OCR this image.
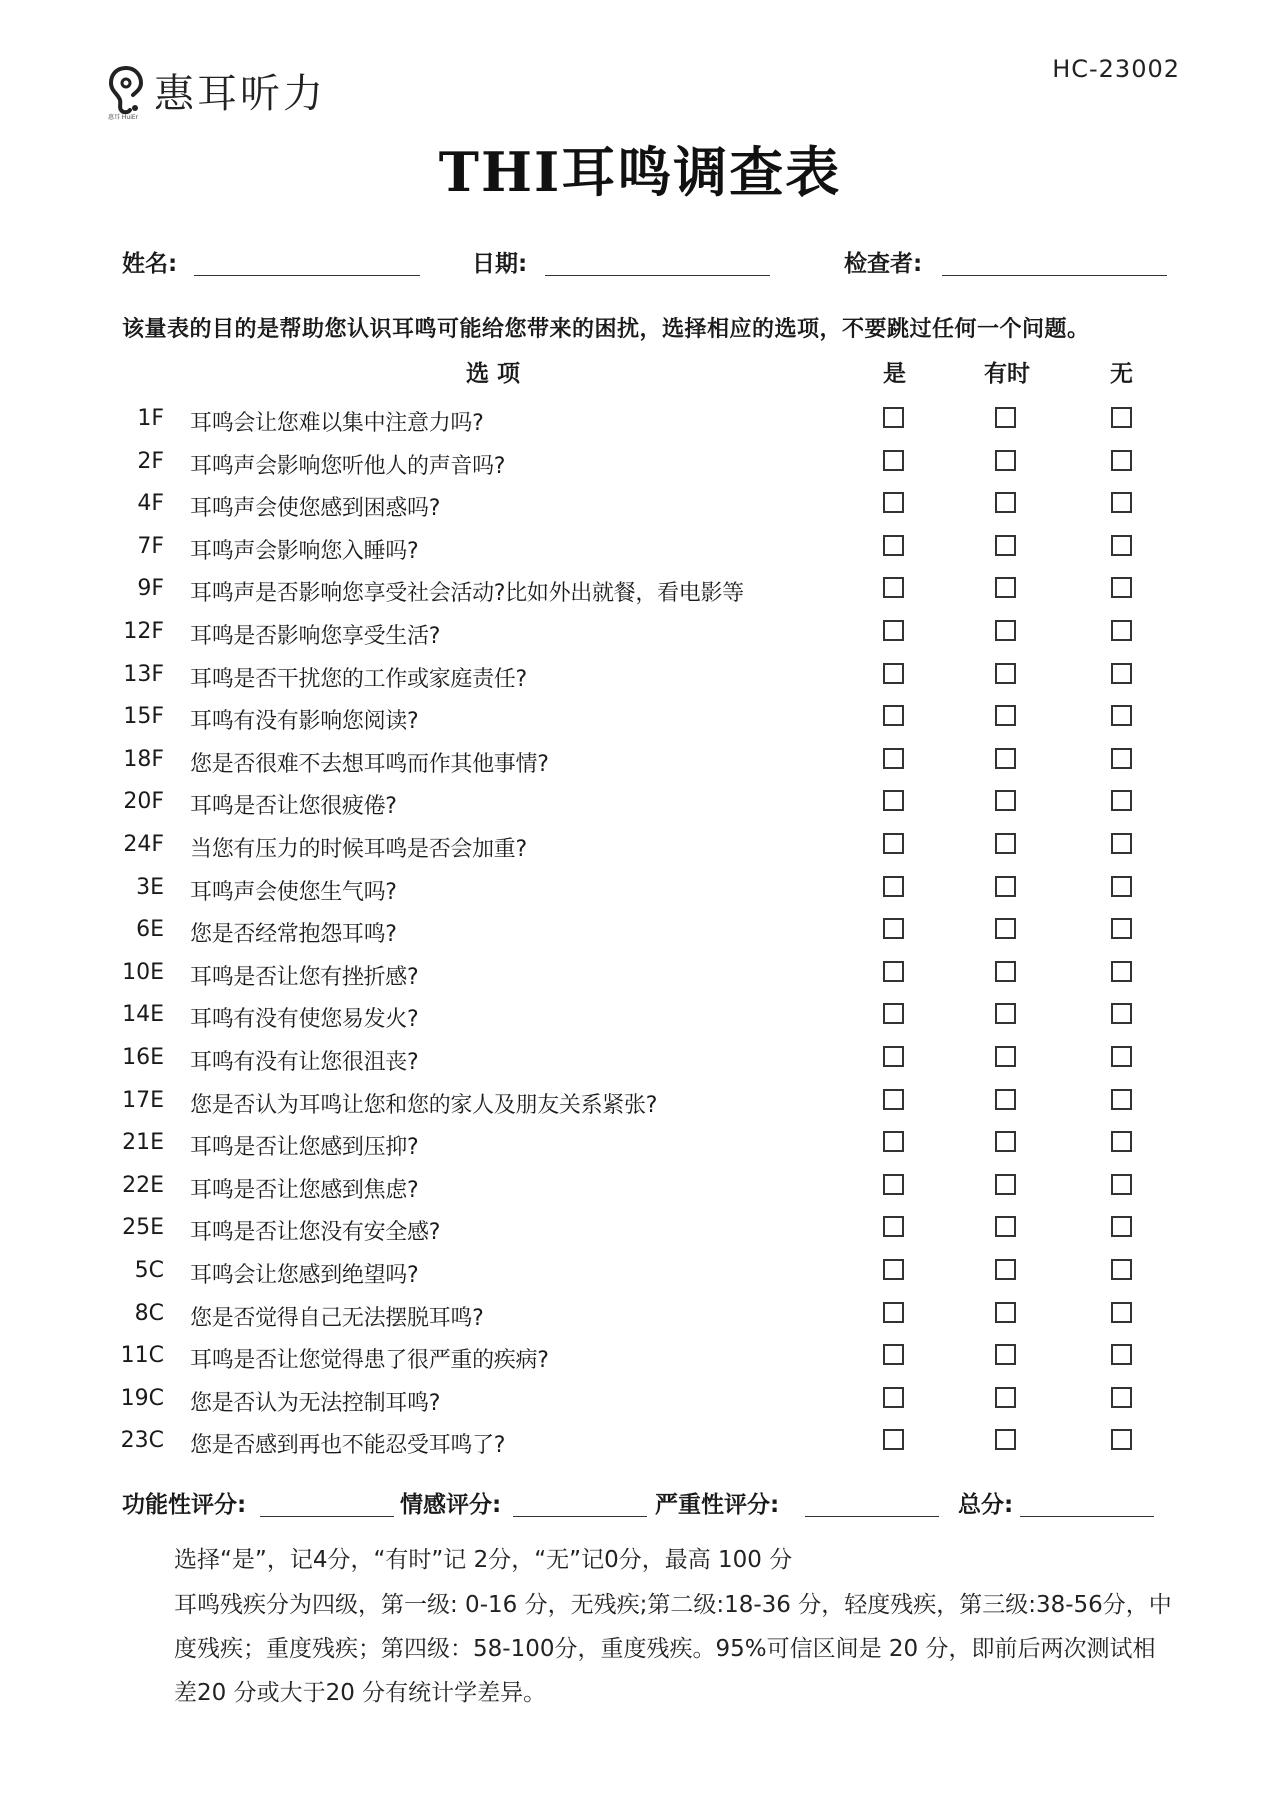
惠耳 HuiEr
惠耳听力
HC-23002
THI耳鸣调查表
姓名:	日期:	检查者:
该量表的目的是帮助您认识耳鸣可能给您带来的困扰，选择相应的选项，不要跳过任何一个问题。
选 项	是	有时	无
1F 耳鸣会让您难以集中注意力吗?
2F 耳鸣声会影响您听他人的声音吗?
4F 耳鸣声会使您感到困惑吗?
7F 耳鸣声会影响您入睡吗?
9F 耳鸣声是否影响您享受社会活动?比如外出就餐，看电影等
12F 耳鸣是否影响您享受生活?
13F 耳鸣是否干扰您的工作或家庭责任?
15F 耳鸣有没有影响您阅读?
18F 您是否很难不去想耳鸣而作其他事情?
20F 耳鸣是否让您很疲倦?
24F 当您有压力的时候耳鸣是否会加重?
3E 耳鸣声会使您生气吗?
6E 您是否经常抱怨耳鸣?
10E 耳鸣是否让您有挫折感?
14E 耳鸣有没有使您易发火?
16E 耳鸣有没有让您很沮丧?
17E 您是否认为耳鸣让您和您的家人及朋友关系紧张?
21E 耳鸣是否让您感到压抑?
22E 耳鸣是否让您感到焦虑?
25E 耳鸣是否让您没有安全感?
5C 耳鸣会让您感到绝望吗?
8C 您是否觉得自己无法摆脱耳鸣?
11C 耳鸣是否让您觉得患了很严重的疾病?
19C 您是否认为无法控制耳鸣?
23C 您是否感到再也不能忍受耳鸣了?
功能性评分:	情感评分:	严重性评分:	总分:

选择“是”，记4分，“有时”记 2分，“无”记0分，最高 100 分

耳鸣残疾分为四级，第一级: 0-16 分，无残疾;第二级:18-36 分，轻度残疾，第三级:38-56分，中度残疾；重度残疾；第四级：58-100分，重度残疾。95%可信区间是 20 分，即前后两次测试相差20 分或大于20 分有统计学差异。
